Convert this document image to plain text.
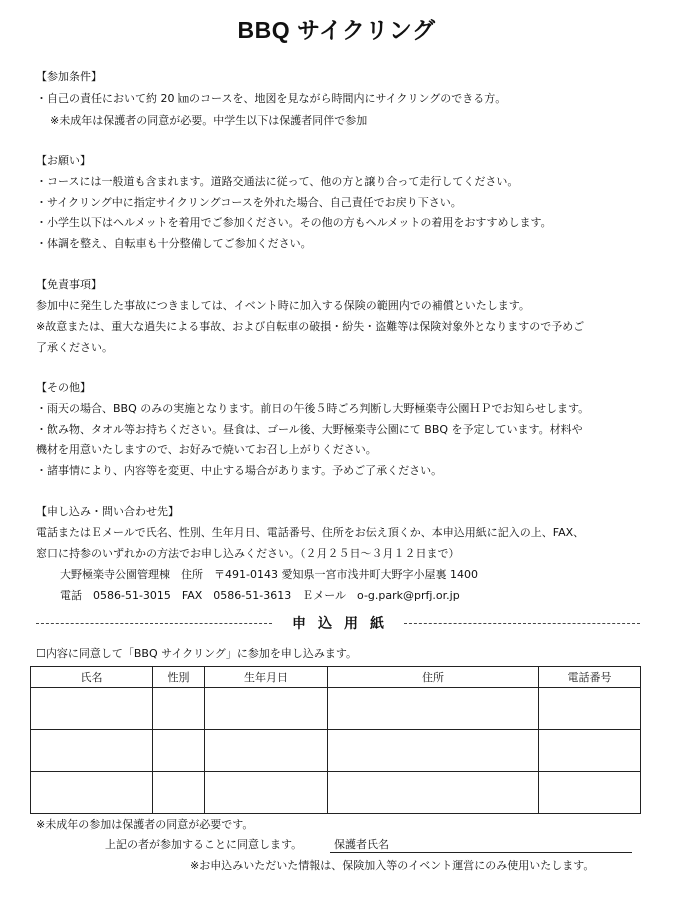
BBQ サイクリング
【参加条件】
・自己の責任において約 20 ㎞のコースを、地図を見ながら時間内にサイクリングのできる方。
※未成年は保護者の同意が必要。中学生以下は保護者同伴で参加
【お願い】
・コースには一般道も含まれます。道路交通法に従って、他の方と譲り合って走行してください。
・サイクリング中に指定サイクリングコースを外れた場合、自己責任でお戻り下さい。
・小学生以下はヘルメットを着用でご参加ください。その他の方もヘルメットの着用をおすすめします。
・体調を整え、自転車も十分整備してご参加ください。
【免責事項】
参加中に発生した事故につきましては、イベント時に加入する保険の範囲内での補償といたします。
※故意または、重大な過失による事故、および自転車の破損・紛失・盗難等は保険対象外となりますので予めご
了承ください。
【その他】
・雨天の場合、BBQ のみの実施となります。前日の午後５時ごろ判断し大野極楽寺公園ＨＰでお知らせします。
・飲み物、タオル等お持ちください。昼食は、ゴール後、大野極楽寺公園にて BBQ を予定しています。材料や
機材を用意いたしますので、お好みで焼いてお召し上がりください。
・諸事情により、内容等を変更、中止する場合があります。予めご了承ください。
【申し込み・問い合わせ先】
電話またはＥメールで氏名、性別、生年月日、電話番号、住所をお伝え頂くか、本申込用紙に記入の上、FAX、
窓口に持参のいずれかの方法でお申し込みください。（２月２５日～３月１２日まで）
大野極楽寺公園管理棟　住所　〒491-0143 愛知県一宮市浅井町大野字小屋裏 1400
電話　0586-51-3015　FAX　0586-51-3613　Ｅメール　o-g.park@prfj.or.jp
申込用紙
☐内容に同意して「BBQ サイクリング」に参加を申し込みます。
氏名	性別	生年月日	住所	電話番号

※未成年の参加は保護者の同意が必要です。
上記の者が参加することに同意します。	保護者氏名
※お申込みいただいた情報は、保険加入等のイベント運営にのみ使用いたします。
